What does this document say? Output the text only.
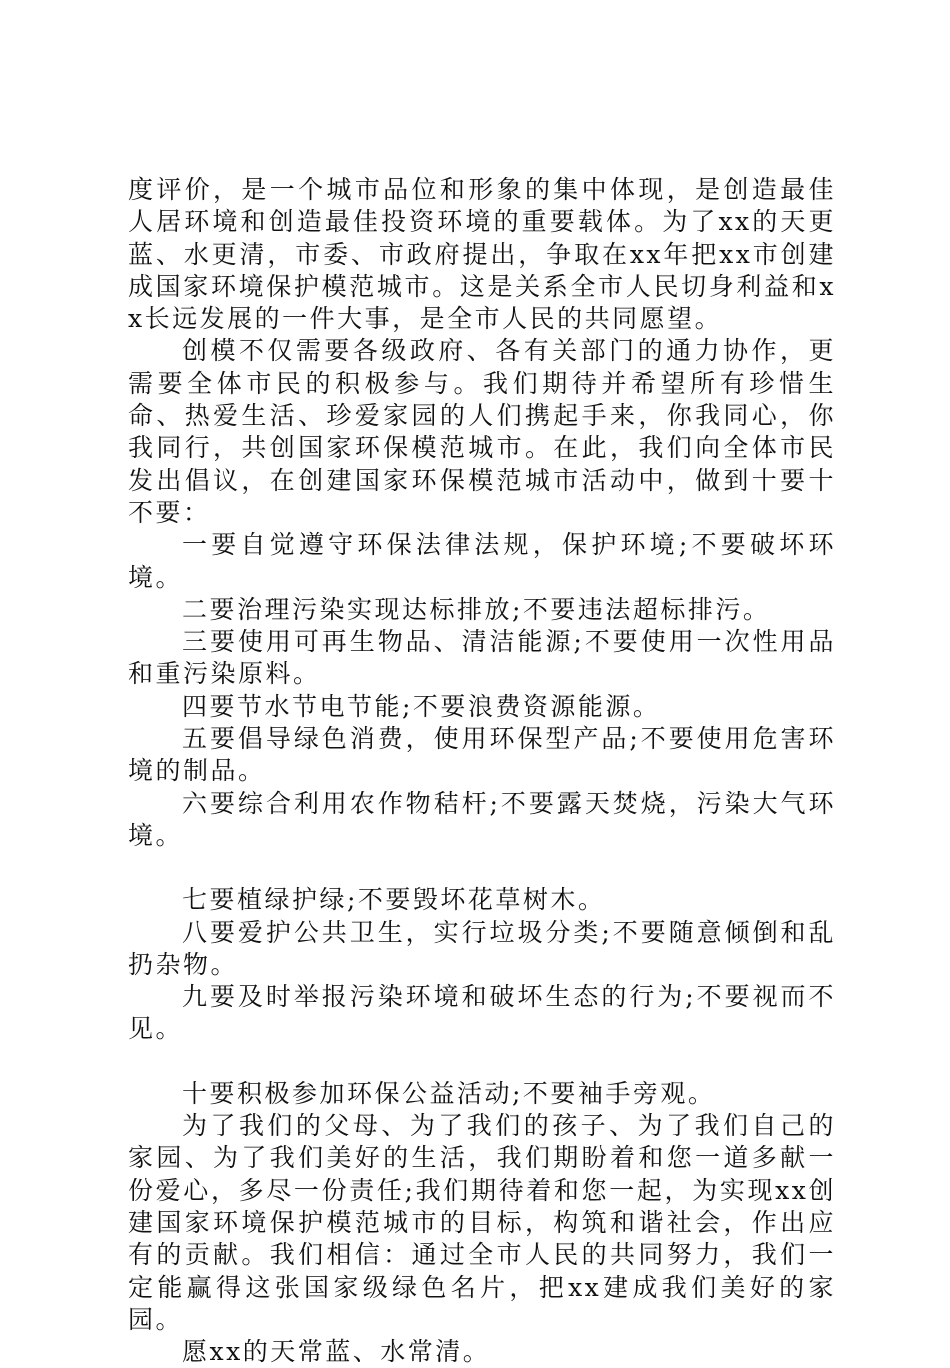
度评价，是一个城市品位和形象的集中体现，是创造最佳人居环境和创造最佳投资环境的重要载体。为了xx的天更蓝、水更清，市委、市政府提出，争取在xx年把xx市创建成国家环境保护模范城市。这是关系全市人民切身利益和xx长远发展的一件大事，是全市人民的共同愿望。

创模不仅需要各级政府、各有关部门的通力协作，更需要全体市民的积极参与。我们期待并希望所有珍惜生命、热爱生活、珍爱家园的人们携起手来，你我同心，你我同行，共创国家环保模范城市。在此，我们向全体市民发出倡议，在创建国家环保模范城市活动中，做到十要十不要：

一要自觉遵守环保法律法规，保护环境;不要破坏环境。

二要治理污染实现达标排放;不要违法超标排污。

三要使用可再生物品、清洁能源;不要使用一次性用品和重污染原料。

四要节水节电节能;不要浪费资源能源。

五要倡导绿色消费，使用环保型产品;不要使用危害环境的制品。

六要综合利用农作物秸杆;不要露天焚烧，污染大气环境。

七要植绿护绿;不要毁坏花草树木。

八要爱护公共卫生，实行垃圾分类;不要随意倾倒和乱扔杂物。

九要及时举报污染环境和破坏生态的行为;不要视而不见。

十要积极参加环保公益活动;不要袖手旁观。

为了我们的父母、为了我们的孩子、为了我们自己的家园、为了我们美好的生活，我们期盼着和您一道多献一份爱心，多尽一份责任;我们期待着和您一起，为实现xx创建国家环境保护模范城市的目标，构筑和谐社会，作出应有的贡献。我们相信：通过全市人民的共同努力，我们一定能赢得这张国家级绿色名片，把xx建成我们美好的家园。

愿xx的天常蓝、水常清。
